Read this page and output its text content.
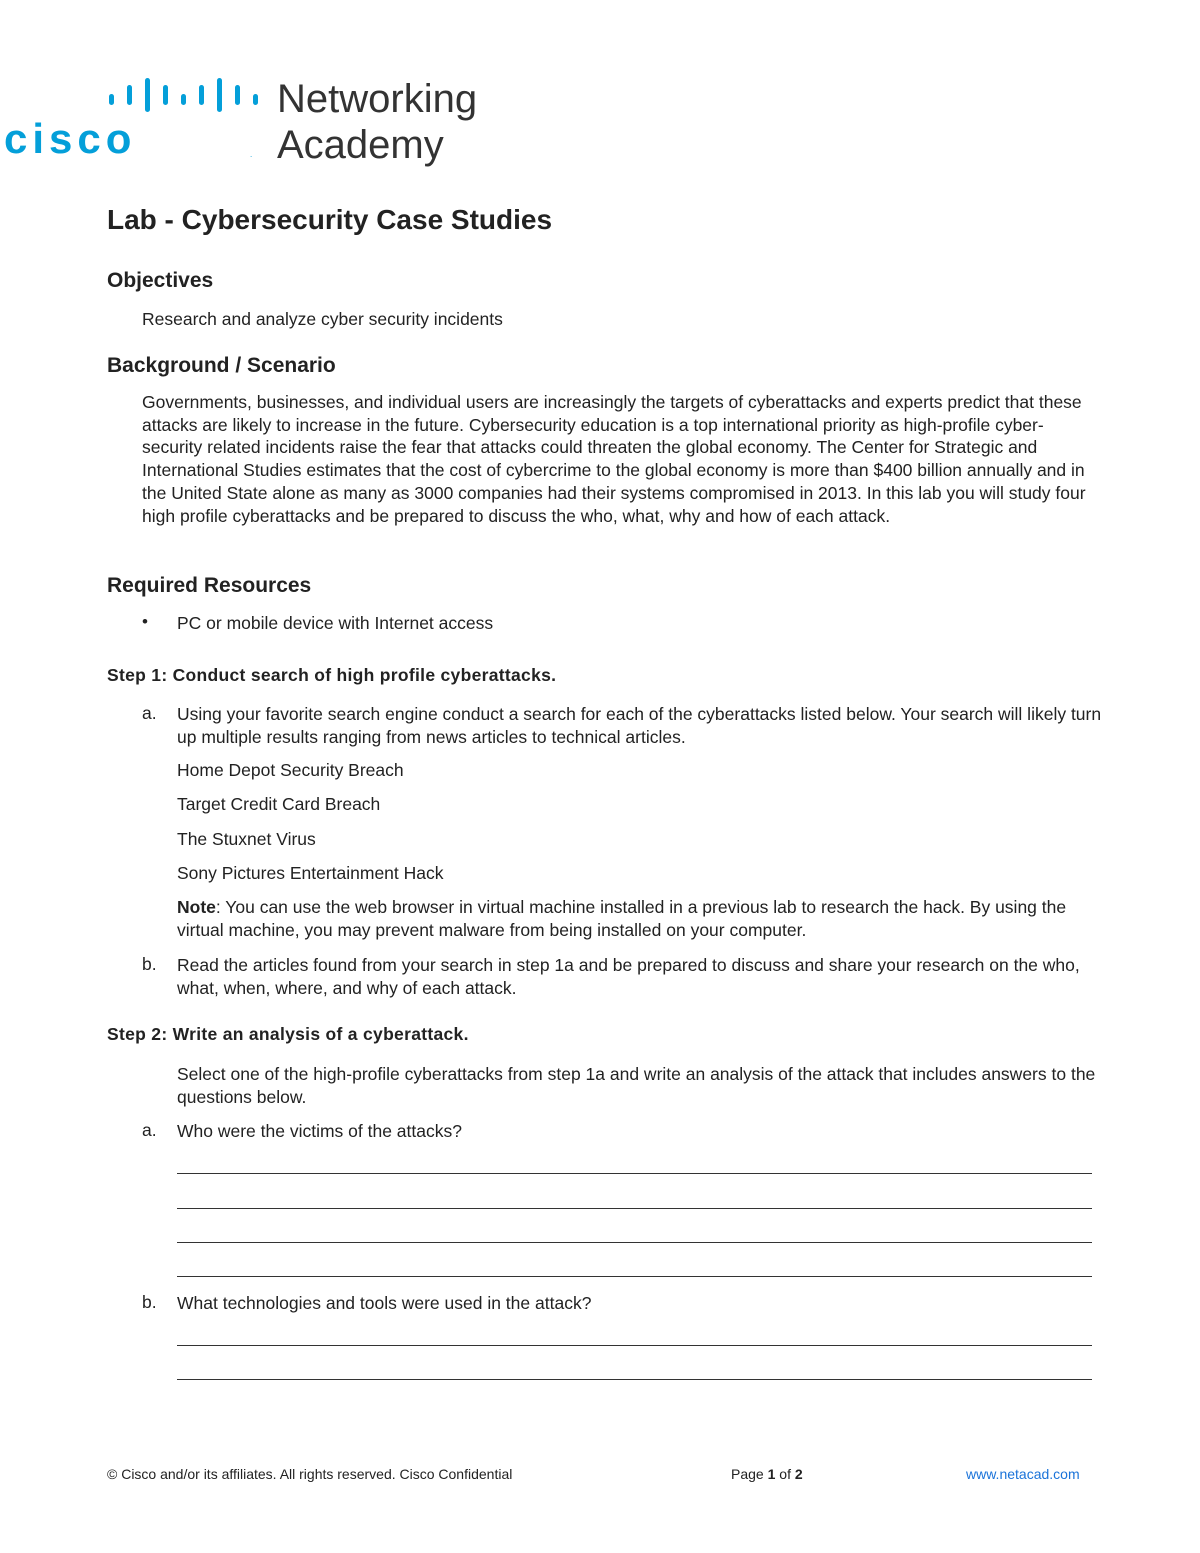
cisco	.
Networking
Academy
Lab - Cybersecurity Case Studies
Objectives

Research and analyze cyber security incidents

Background / Scenario

Governments, businesses, and individual users are increasingly the targets of cyberattacks and experts predict that these attacks are likely to increase in the future. Cybersecurity education is a top international priority as high-profile cyber-security related incidents raise the fear that attacks could threaten the global economy. The Center for Strategic and International Studies estimates that the cost of cybercrime to the global economy is more than $400 billion annually and in the United State alone as many as 3000 companies had their systems compromised in 2013. In this lab you will study four high profile cyberattacks and be prepared to discuss the who, what, why and how of each attack.

Required Resources
• PC or mobile device with Internet access

Step 1: Conduct search of high profile cyberattacks.
a. Using your favorite search engine conduct a search for each of the cyberattacks listed below. Your search will likely turn up multiple results ranging from news articles to technical articles.

Home Depot Security Breach

Target Credit Card Breach

The Stuxnet Virus

Sony Pictures Entertainment Hack

Note: You can use the web browser in virtual machine installed in a previous lab to research the hack. By using the virtual machine, you may prevent malware from being installed on your computer.

b. Read the articles found from your search in step 1a and be prepared to discuss and share your research on the who, what, when, where, and why of each attack.

Step 2: Write an analysis of a cyberattack.

Select one of the high-profile cyberattacks from step 1a and write an analysis of the attack that includes answers to the questions below.

a. Who were the victims of the attacks?

b. What technologies and tools were used in the attack?

© Cisco and/or its affiliates. All rights reserved. Cisco Confidential	Page 1 of 2	www.netacad.com
